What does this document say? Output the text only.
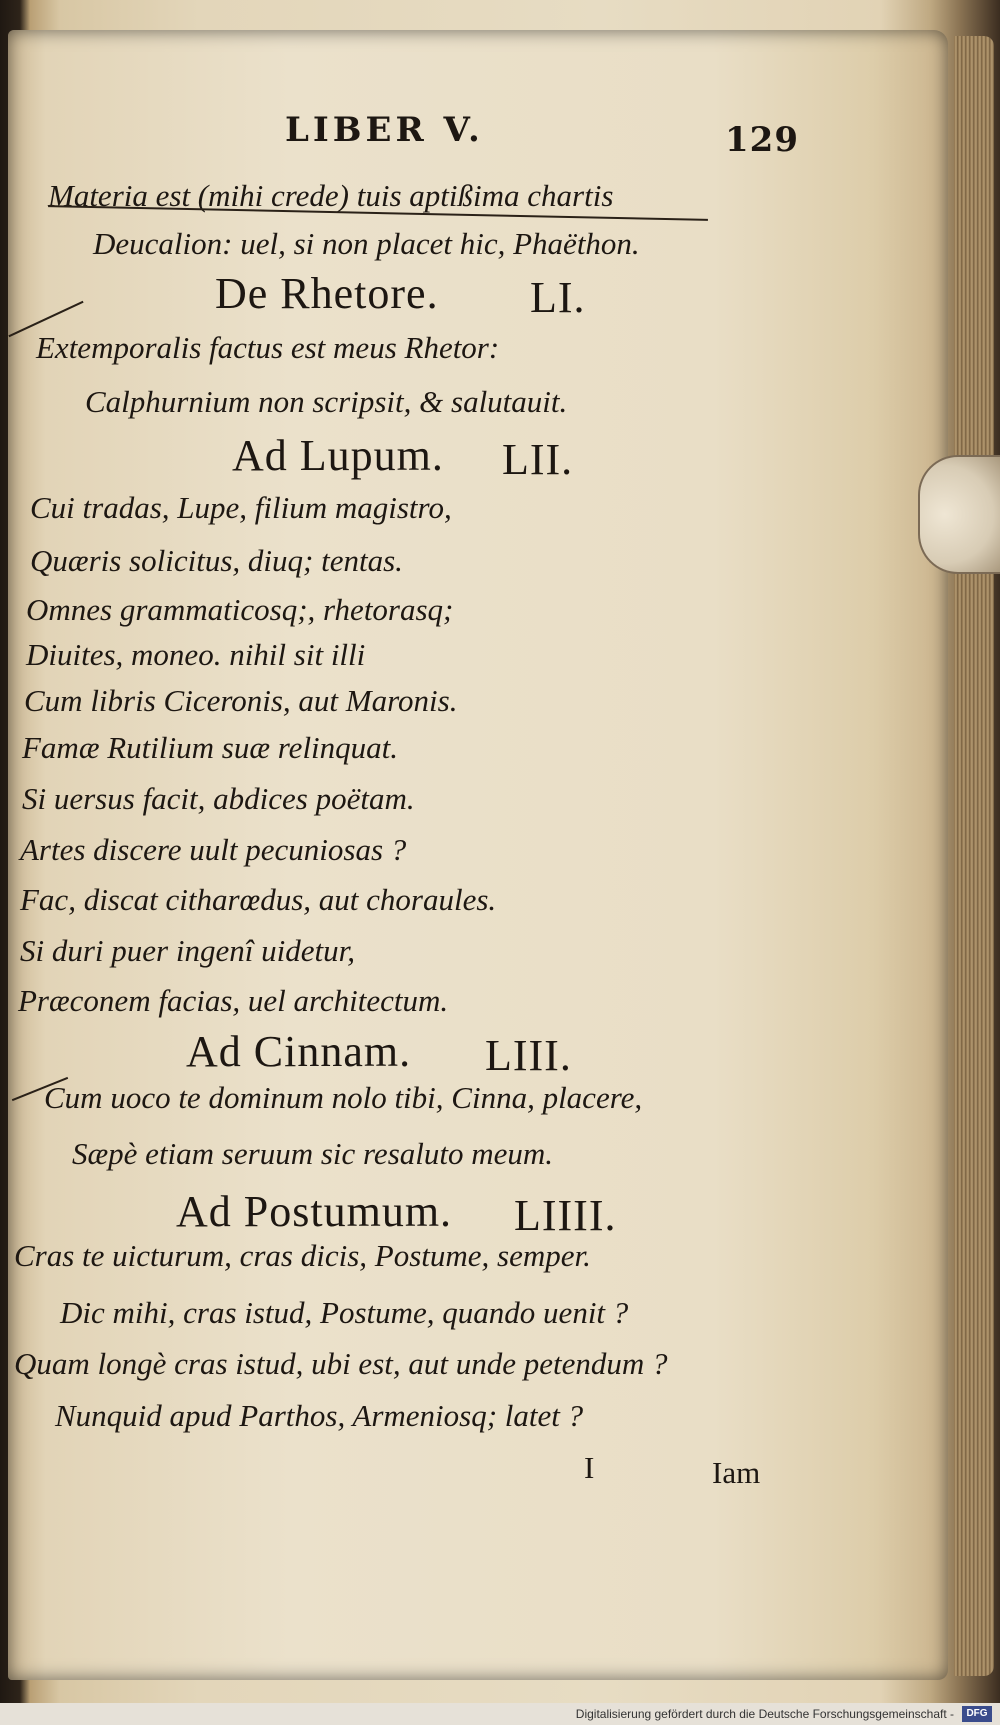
LIBER V.	129
Materia est (mihi crede) tuis aptißima chartis
Deucalion: uel, si non placet hic, Phaëthon.
De Rhetore. LI.
Extemporalis factus est meus Rhetor:
Calphurnium non scripsit, & salutauit.
Ad Lupum. LII.
Cui tradas, Lupe, filium magistro,
Quæris solicitus, diuq; tentas.
Omnes grammaticosq;, rhetorasq;
Diuites, moneo. nihil sit illi
Cum libris Ciceronis, aut Maronis.
Famæ Rutilium suæ relinquat.
Si uersus facit, abdices poëtam.
Artes discere uult pecuniosas ?
Fac, discat citharœdus, aut choraules.
Si duri puer ingenî uidetur,
Præconem facias, uel architectum.
Ad Cinnam. LIII.
Cum uoco te dominum nolo tibi, Cinna, placere,
Sæpè etiam seruum sic resaluto meum.
Ad Postumum. LIIII.
Cras te uicturum, cras dicis, Postume, semper.
Dic mihi, cras istud, Postume, quando uenit ?
Quam longè cras istud, ubi est, aut unde petendum ?
Nunquid apud Parthos, Armeniosq; latet ?
I	Iam
Digitalisierung gefördert durch die Deutsche Forschungsgemeinschaft -	DFG
